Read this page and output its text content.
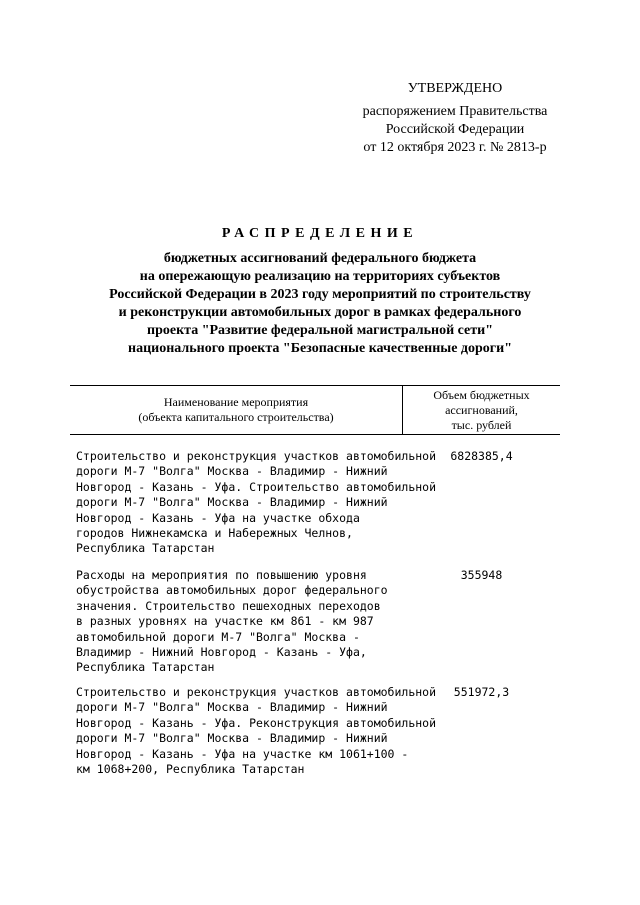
УТВЕРЖДЕНО
распоряжением Правительства
Российской Федерации
от 12 октября 2023 г. № 2813-р
РАСПРЕДЕЛЕНИЕ
бюджетных ассигнований федерального бюджета
на опережающую реализацию на территориях субъектов
Российской Федерации в 2023 году мероприятий по строительству
и реконструкции автомобильных дорог в рамках федерального
проекта "Развитие федеральной магистральной сети"
национального проекта "Безопасные качественные дороги"
Наименование мероприятия
(объекта капитального строительства)
Объем бюджетных
ассигнований,
тыс. рублей
Строительство и реконструкция участков автомобильной
дороги М-7 "Волга" Москва - Владимир - Нижний
Новгород - Казань - Уфа. Строительство автомобильной
дороги М-7 "Волга" Москва - Владимир - Нижний
Новгород - Казань - Уфа на участке обхода
городов Нижнекамска и Набережных Челнов,
Республика Татарстан
6828385,4
Расходы на мероприятия по повышению уровня
обустройства автомобильных дорог федерального
значения. Строительство пешеходных переходов
в разных уровнях на участке км 861 - км 987
автомобильной дороги М-7 "Волга" Москва -
Владимир - Нижний Новгород - Казань - Уфа,
Республика Татарстан
355948
Строительство и реконструкция участков автомобильной
дороги М-7 "Волга" Москва - Владимир - Нижний
Новгород - Казань - Уфа. Реконструкция автомобильной
дороги М-7 "Волга" Москва - Владимир - Нижний
Новгород - Казань - Уфа на участке км 1061+100 -
км 1068+200, Республика Татарстан
551972,3
